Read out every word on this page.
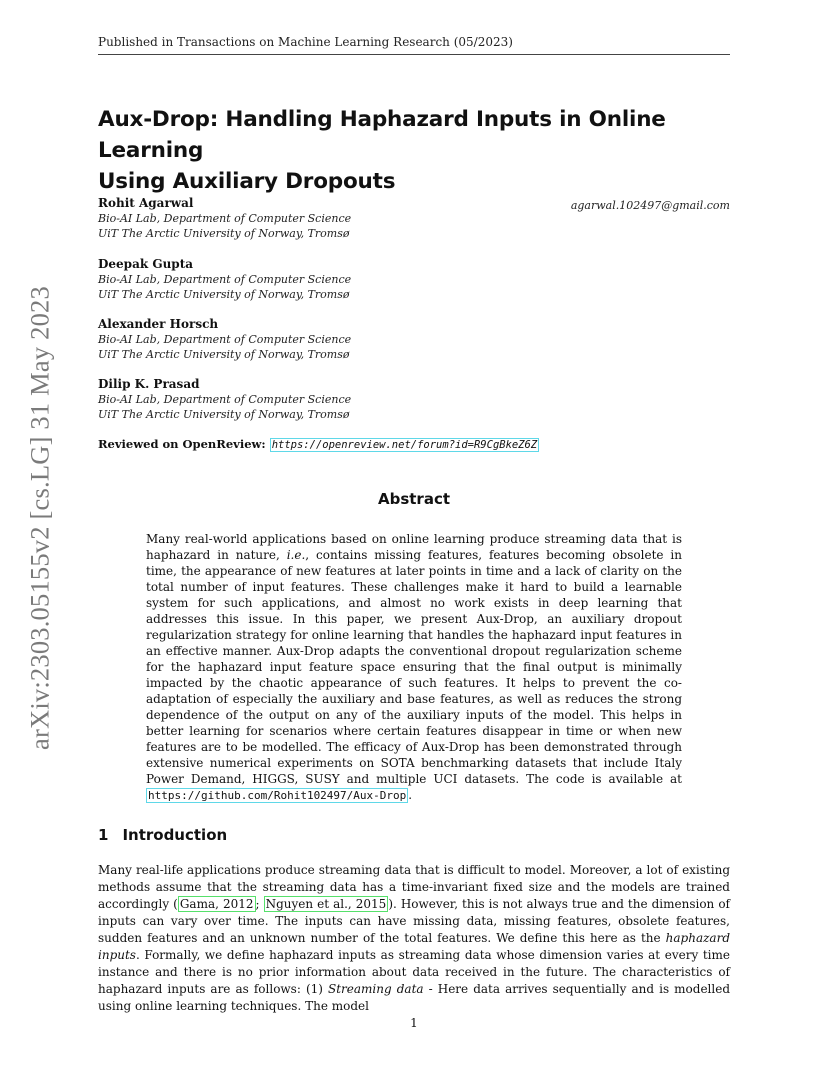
Published in Transactions on Machine Learning Research (05/2023)
Aux-Drop: Handling Haphazard Inputs in Online Learning
Using Auxiliary Dropouts
agarwal.102497@gmail.com
Rohit Agarwal
Bio-AI Lab, Department of Computer Science
UiT The Arctic University of Norway, Tromsø
Deepak Gupta
Bio-AI Lab, Department of Computer Science
UiT The Arctic University of Norway, Tromsø
Alexander Horsch
Bio-AI Lab, Department of Computer Science
UiT The Arctic University of Norway, Tromsø
Dilip K. Prasad
Bio-AI Lab, Department of Computer Science
UiT The Arctic University of Norway, Tromsø
Reviewed on OpenReview: https://openreview.net/forum?id=R9CgBkeZ6Z
Abstract
Many real-world applications based on online learning produce streaming data that is haphazard in nature, i.e., contains missing features, features becoming obsolete in time, the appearance of new features at later points in time and a lack of clarity on the total number of input features. These challenges make it hard to build a learnable system for such applications, and almost no work exists in deep learning that addresses this issue. In this paper, we present Aux-Drop, an auxiliary dropout regularization strategy for online learning that handles the haphazard input features in an effective manner. Aux-Drop adapts the conventional dropout regularization scheme for the haphazard input feature space ensuring that the final output is minimally impacted by the chaotic appearance of such features. It helps to prevent the co-adaptation of especially the auxiliary and base features, as well as reduces the strong dependence of the output on any of the auxiliary inputs of the model. This helps in better learning for scenarios where certain features disappear in time or when new features are to be modelled. The efficacy of Aux-Drop has been demonstrated through extensive numerical experiments on SOTA benchmarking datasets that include Italy Power Demand, HIGGS, SUSY and multiple UCI datasets. The code is available at https://github.com/Rohit102497/Aux-Drop .
1 Introduction
Many real-life applications produce streaming data that is difficult to model. Moreover, a lot of existing methods assume that the streaming data has a time-invariant fixed size and the models are trained accordingly ( Gama, 2012 ; Nguyen et al., 2015 ). However, this is not always true and the dimension of inputs can vary over time. The inputs can have missing data, missing features, obsolete features, sudden features and an unknown number of the total features. We define this here as the haphazard inputs. Formally, we define haphazard inputs as streaming data whose dimension varies at every time instance and there is no prior information about data received in the future. The characteristics of haphazard inputs are as follows: (1) Streaming data - Here data arrives sequentially and is modelled using online learning techniques. The model
1
arXiv:2303.05155v2 [cs.LG] 31 May 2023
